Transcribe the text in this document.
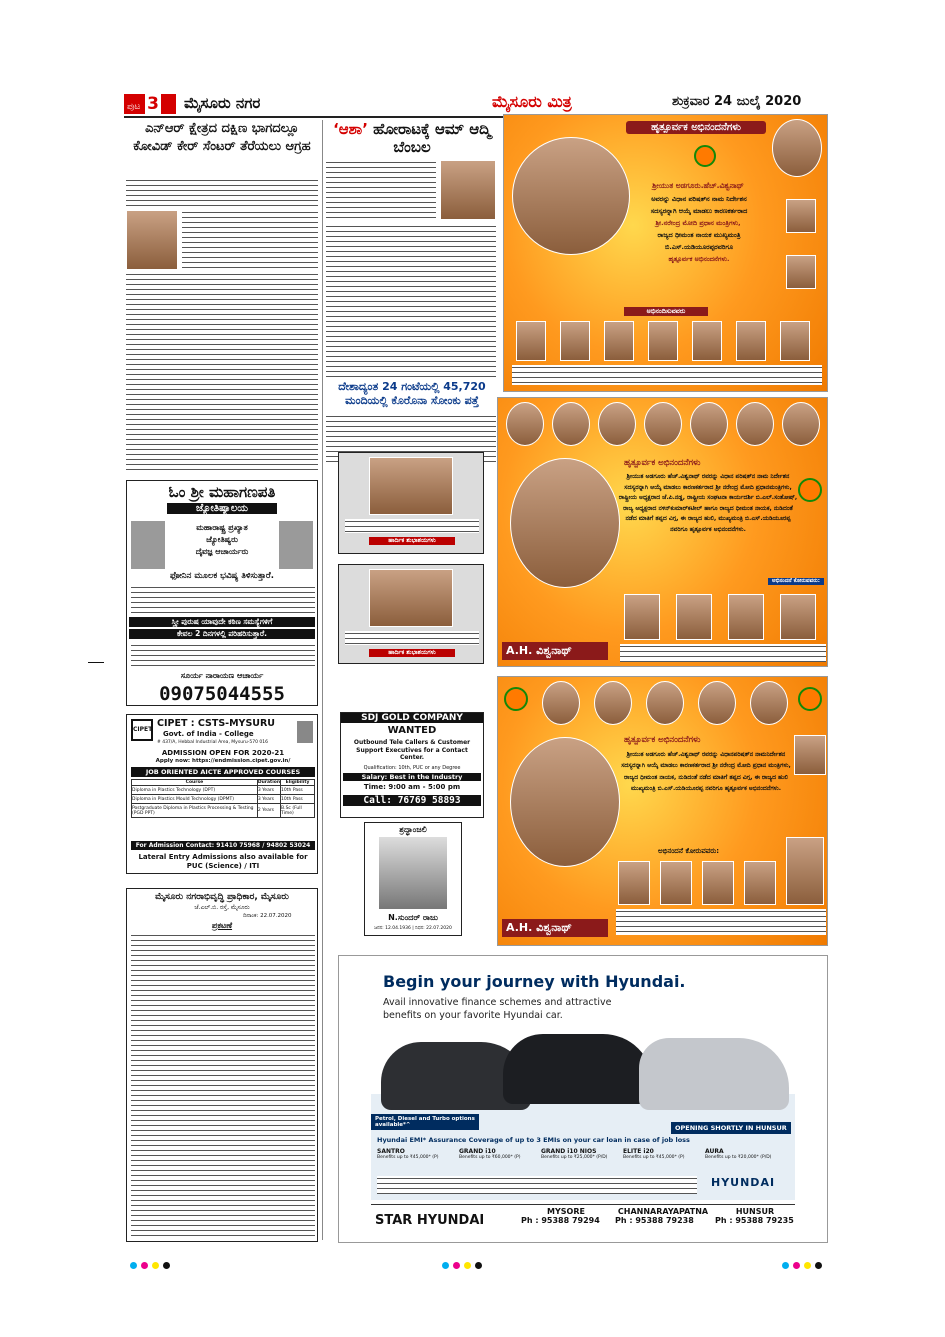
ಪುಟ 3	ಮೈಸೂರು ನಗರ	ಮೈಸೂರು ಮಿತ್ರ	ಶುಕ್ರವಾರ 24 ಜುಲೈ 2020
ಎನ್‌ಆರ್ ಕ್ಷೇತ್ರದ ದಕ್ಷಿಣ ಭಾಗದಲ್ಲೂ ಕೋವಿಡ್ ಕೇರ್ ಸೆಂಟರ್ ತೆರೆಯಲು ಆಗ್ರಹ
ಓಂ ಶ್ರೀ ಮಹಾಗಣಪತಿ
ಜ್ಯೋತಿಷ್ಯಾಲಯ
ಮಹಾರಾಷ್ಟ್ರ ಪ್ರಖ್ಯಾತ
ಜ್ಯೋತಿಷ್ಯರು
ದೈವಜ್ಞ ಆಚಾರ್ಯರು
ಫೋನಿನ ಮೂಲಕ ಭವಿಷ್ಯ ತಿಳಿಸುತ್ತಾರೆ.
ಸ್ತ್ರೀ ಪುರುಷ ಯಾವುದೇ ಕಠಿಣ ಸಮಸ್ಯೆಗಳಿಗೆ
ಕೇವಲ 2 ದಿನಗಳಲ್ಲಿ ಪರಿಹರಿಸುತ್ತಾರೆ.
ಸೂರ್ಯ ನಾರಾಯಣ ಆಚಾರ್ಯ
09075044555
CIPET
CIPET : CSTS-MYSURU
Govt. of India - College
# 437/A, Hebbal Industrial Area, Mysuru-570 016
ADMISSION OPEN FOR 2020-21
Apply now: https://endmission.cipet.gov.in/
JOB ORIENTED AICTE APPROVED COURSES
Course	Duration	Eligibility
Diploma in Plastics Technology (DPT)	3 Years	10th Pass
Diploma in Plastics Mould Technology (DPMT)	3 Years	10th Pass
Postgraduate Diploma in Plastics Processing & Testing (PGD PPT)	2 Years	B.Sc (Full Time)
For Admission Contact: 91410 75968 / 94802 53024
Lateral Entry Admissions also available for PUC (Science) / ITI
ಮೈಸೂರು ನಗರಾಭಿವೃದ್ಧಿ ಪ್ರಾಧಿಕಾರ, ಮೈಸೂರು
ಜೆ.ಎಲ್.ಬಿ. ರಸ್ತೆ, ಮೈಸೂರು
ದಿನಾಂಕ: 22.07.2020
ಪ್ರಕಟಣೆ
‘ಆಶಾ’ ಹೋರಾಟಕ್ಕೆ ಆಮ್ ಆದ್ಮಿ ಬೆಂಬಲ
ದೇಶಾದ್ಯಂತ 24 ಗಂಟೆಯಲ್ಲಿ 45,720 ಮಂದಿಯಲ್ಲಿ ಕೊರೊನಾ ಸೋಂಕು ಪತ್ತೆ
ಹಾರ್ದಿಕ ಶುಭಾಶಯಗಳು
ಹಾರ್ದಿಕ ಶುಭಾಶಯಗಳು
SDJ GOLD COMPANY
WANTED
Outbound Tele Callers & Customer Support Executives for a Contact Center.
Qualification: 10th, PUC or any Degree
Salary: Best in the Industry
Time: 9:00 am - 5:00 pm
Call: 76769 58893
ಶ್ರದ್ಧಾಂಜಲಿ
N.ಸುಂದರ್ ರಾಜು
ಜನನ: 12.04.1936 | ನಿಧನ: 22.07.2020
ಹೃತ್ಪೂರ್ವಕ ಅಭಿನಂದನೆಗಳು
ಶ್ರೀಯುತ ಅಡಗೂರು.ಹೆಚ್.ವಿಶ್ವನಾಥ್
ಅವರನ್ನು ವಿಧಾನ ಪರಿಷತ್‌ನ ನಾಮ ನಿರ್ದೇಶನ
ಸದಸ್ಯರನ್ನಾಗಿ ಆಯ್ಕೆ ಮಾಡಲು ಕಾರಣಕರ್ತರಾದ
ಶ್ರೀ.ನರೇಂದ್ರ ಮೋದಿ ಪ್ರಧಾನ ಮಂತ್ರಿಗಳು,
ರಾಜ್ಯದ ಧೀಮಂತ ನಾಯಕ ಮುಖ್ಯಮಂತ್ರಿ
ಬಿ.ಎಸ್.ಯಡಿಯೂರಪ್ಪರವರಿಗೂ
ಹೃತ್ಪೂರ್ವಕ ಅಭಿನಂದನೆಗಳು.
ಅಭಿನಂದಿಸುವವರು
ಹೃತ್ಪೂರ್ವಕ ಅಭಿನಂದನೆಗಳು
ಶ್ರೀಯುತ ಅಡಗೂರು ಹೆಚ್.ವಿಶ್ವನಾಥ್ ರವರನ್ನು ವಿಧಾನ ಪರಿಷತ್‌ನ ನಾಮ ನಿರ್ದೇಶನ ಸದಸ್ಯರನ್ನಾಗಿ ಆಯ್ಕೆ ಮಾಡಲು ಕಾರಣಕರ್ತರಾದ ಶ್ರೀ ನರೇಂದ್ರ ಮೋದಿ ಪ್ರಧಾನಮಂತ್ರಿಗಳು, ರಾಷ್ಟ್ರೀಯ ಅಧ್ಯಕ್ಷರಾದ ಜೆ.ಪಿ.ನಡ್ಡ, ರಾಷ್ಟ್ರೀಯ ಸಂಘಟನಾ ಕಾರ್ಯದರ್ಶಿ ಬಿ.ಎಲ್.ಸಂತೋಷ್, ರಾಜ್ಯ ಅಧ್ಯಕ್ಷರಾದ ನಳಿನ್‌ಕುಮಾರ್‌ಕಟೀಲ್ ಹಾಗೂ ರಾಜ್ಯದ ಧೀಮಂತ ನಾಯಕ, ನುಡಿದಂತೆ ನಡೆದ ಮಾತಿಗೆ ತಪ್ಪದ ವಿಗ್ಗ, ಈ ರಾಜ್ಯದ ಹುಲಿ, ಮುಖ್ಯಮಂತ್ರಿ ಬಿ.ಎಸ್.ಯಡಿಯೂರಪ್ಪ ನವರಿಗೂ ಹೃತ್ಪೂರ್ವಕ ಅಭಿನಂದನೆಗಳು.
ಅಭಿನಂದನೆ ಕೋರುವವರು:
A.H. ವಿಶ್ವನಾಥ್
ಹೃತ್ಪೂರ್ವಕ ಅಭಿನಂದನೆಗಳು
ಶ್ರೀಯುತ ಅಡಗೂರು ಹೆಚ್.ವಿಶ್ವನಾಥ್ ರವರನ್ನು ವಿಧಾನಪರಿಷತ್‌ನ ನಾಮನಿರ್ದೇಶನ ಸದಸ್ಯರನ್ನಾಗಿ ಆಯ್ಕೆ ಮಾಡಲು ಕಾರಣಕರ್ತರಾದ ಶ್ರೀ ನರೇಂದ್ರ ಮೋದಿ ಪ್ರಧಾನ ಮಂತ್ರಿಗಳು, ರಾಜ್ಯದ ಧೀಮಂತ ನಾಯಕ, ನುಡಿದಂತೆ ನಡೆದ ಮಾತಿಗೆ ತಪ್ಪದ ವಿಗ್ಗ, ಈ ರಾಜ್ಯದ ಹುಲಿ ಮುಖ್ಯಮಂತ್ರಿ ಬಿ.ಎಸ್.ಯಡಿಯೂರಪ್ಪ ನವರಿಗೂ ಹೃತ್ಪೂರ್ವಕ ಅಭಿನಂದನೆಗಳು.
ಅಭಿನಂದನೆ ಕೋರುವವರು:
A.H. ವಿಶ್ವನಾಥ್
Begin your journey with Hyundai.
Avail innovative finance schemes and attractive benefits on your favorite Hyundai car.
Petrol, Diesel and Turbo options available*^	OPENING SHORTLY IN HUNSUR
Hyundai EMI* Assurance Coverage of up to 3 EMIs on your car loan in case of job loss
SANTRO
Benefits up to ₹45,000* (P)
GRAND i10
Benefits up to ₹60,000* (P)
GRAND i10 NIOS
Benefits up to ₹25,000* (P/D)
ELITE i20
Benefits up to ₹45,000* (P)
AURA
Benefits up to ₹20,000* (P/D)
HYUNDAI
STAR HYUNDAI
MYSORE
Ph : 95388 79294
CHANNARAYAPATNA
Ph : 95388 79238
HUNSUR
Ph : 95388 79235
